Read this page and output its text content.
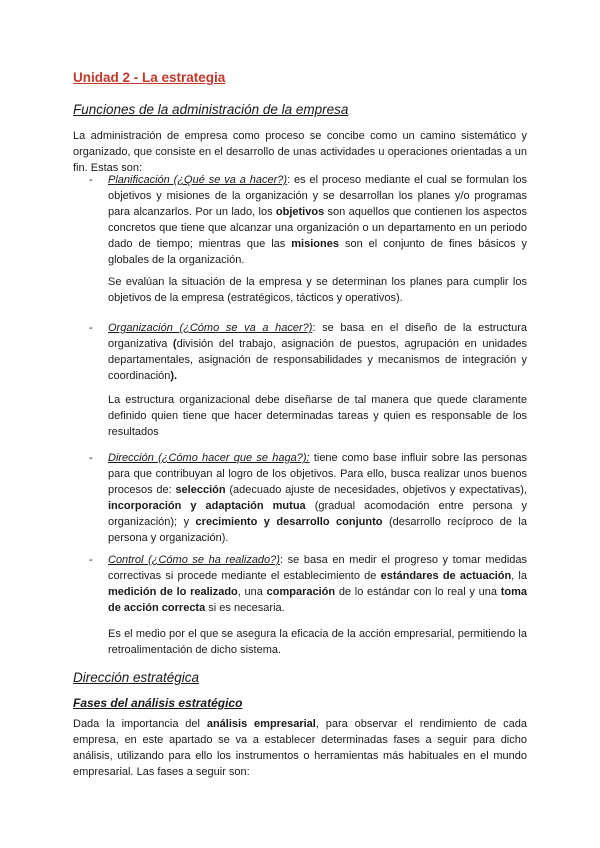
Unidad 2 - La estrategia
Funciones de la administración de la empresa

La administración de empresa como proceso se concibe como un camino sistemático y organizado, que consiste en el desarrollo de unas actividades u operaciones orientadas a un fin. Estas son:

- Planificación (¿Qué se va a hacer?): es el proceso mediante el cual se formulan los objetivos y misiones de la organización y se desarrollan los planes y/o programas para alcanzarlos. Por un lado, los objetivos son aquellos que contienen los aspectos concretos que tiene que alcanzar una organización o un departamento en un periodo dado de tiempo; mientras que las misiones son el conjunto de fines básicos y globales de la organización.

Se evalúan la situación de la empresa y se determinan los planes para cumplir los objetivos de la empresa (estratégicos, tácticos y operativos).

- Organización (¿Cómo se va a hacer?): se basa en el diseño de la estructura organizativa (división del trabajo, asignación de puestos, agrupación en unidades departamentales, asignación de responsabilidades y mecanismos de integración y coordinación).

La estructura organizacional debe diseñarse de tal manera que quede claramente definido quien tiene que hacer determinadas tareas y quien es responsable de los resultados

- Dirección (¿Cómo hacer que se haga?): tiene como base influir sobre las personas para que contribuyan al logro de los objetivos. Para ello, busca realizar unos buenos procesos de: selección (adecuado ajuste de necesidades, objetivos y expectativas), incorporación y adaptación mutua (gradual acomodación entre persona y organización); y crecimiento y desarrollo conjunto (desarrollo recíproco de la persona y organización).

- Control (¿Cómo se ha realizado?): se basa en medir el progreso y tomar medidas correctivas si procede mediante el establecimiento de estándares de actuación, la medición de lo realizado, una comparación de lo estándar con lo real y una toma de acción correcta si es necesaria.

Es el medio por el que se asegura la eficacia de la acción empresarial, permitiendo la retroalimentación de dicho sistema.

Dirección estratégica
Fases del análisis estratégico

Dada la importancia del análisis empresarial, para observar el rendimiento de cada empresa, en este apartado se va a establecer determinadas fases a seguir para dicho análisis, utilizando para ello los instrumentos o herramientas más habituales en el mundo empresarial. Las fases a seguir son:
